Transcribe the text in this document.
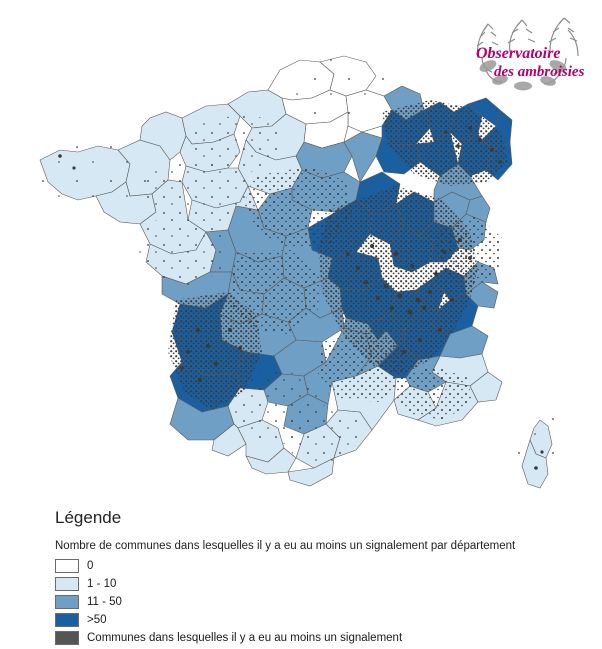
Observatoire
des ambroisies
Légende
Nombre de communes dans lesquelles il y a eu au moins un signalement par département
0
1 - 10
11 - 50
>50
Communes dans lesquelles il y a eu au moins un signalement
